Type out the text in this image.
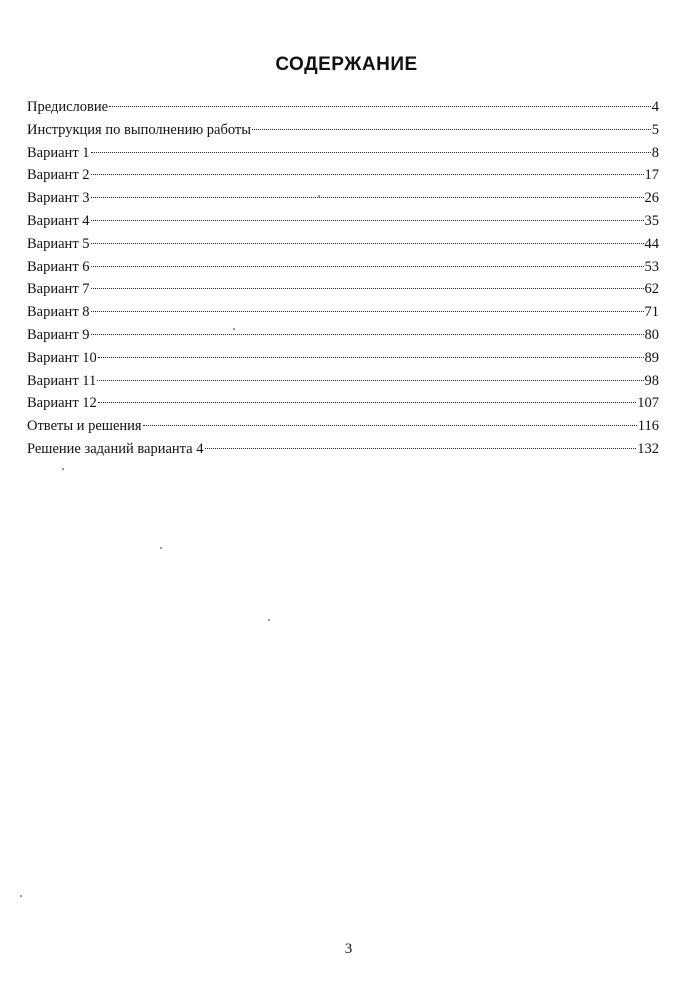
СОДЕРЖАНИЕ
Предисловие	4
Инструкция по выполнению работы	5
Вариант 1	8
Вариант 2	17
Вариант 3	26
Вариант 4	35
Вариант 5	44
Вариант 6	53
Вариант 7	62
Вариант 8	71
Вариант 9	80
Вариант 10	89
Вариант 11	98
Вариант 12	107
Ответы и решения	116
Решение заданий варианта 4	132
3
